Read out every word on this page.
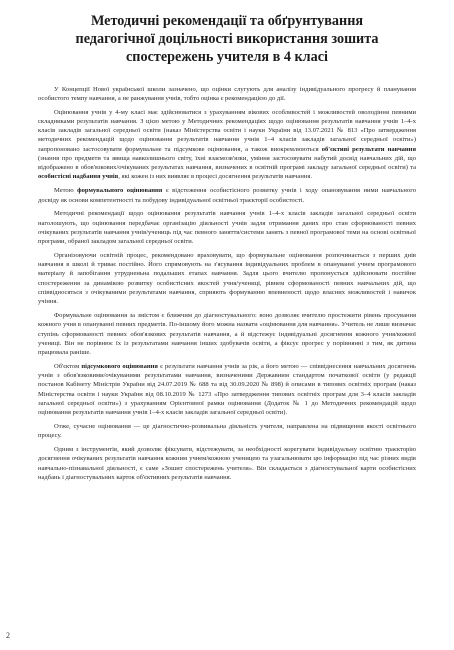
Методичні рекомендації та обґрунтування
педагогічної доцільності використання зошита
спостережень учителя в 4 класі

У Концепції Нової української школи зазначено, що оцінки слугують для аналізу індивідуального прогресу й планування особистого темпу навчання, а не ранжування учнів, тобто оцінка є рекомендацією до дії.

Оцінювання учнів у 4-му класі має здійснюватися з урахуванням вікових особливостей і можливостей оволодіння певними складниками результатів навчання. З цією метою у Методичних рекомендаціях щодо оцінювання результатів навчання учнів 1–4-х класів закладів загальної середньої освіти (наказ Міністерства освіти і науки України від 13.07.2021 № 813 «Про затвердження методичних рекомендацій щодо оцінювання результатів навчання учнів 1–4 класів закладів загальної середньої освіти») запропоновано застосовувати формувальне та підсумкове оцінювання, а також виокремлюються об'єктиві результати навчання (знання про предмети та явища навколишнього світу, їхні взаємозв'язки, уміння застосовувати набутий досвід навчальних дій, що відображено в обов'язкових/очікуваних результатах навчання, визначених в освітній програмі закладу загальної середньої освіти) та особистісні надбання учнів, які кожен із них виявляє в процесі досягнення результатів навчання.

Метою формувального оцінювання є відстеження особистісного розвитку учнів і ходу опановування ними навчального досвіду як основи компетентності та побудову індивідуальної освітньої траєкторії особистості.

Методичні рекомендації щодо оцінювання результатів навчання учнів 1–4-х класів закладів загальної середньої освіти наголошують, що оцінювання передбачає організацію діяльності учнів задля отримання даних про стан сформованості певних очікуваних результатів навчання учнів/учениць під час певного заняття/системи занять з певної програмової теми на основі освітньої програми, обраної закладом загальної середньої освіти.

Організовуючи освітній процес, рекомендовано враховувати, що формувальне оцінювання розпочинається з перших днів навчання в школі й триває постійно. Його спрямовують на з'ясування індивідуальних проблем в опануванні учнем програмового матеріалу й запобігання утрудненьна подальших етапах навчання. Задля цього вчителю пропонується здійснювати постійне спостереження за динамікою розвитку особистісних якостей учня/учениці, рівнем сформованості певних навчальних дій, що співвідносяться з очікуваними результатами навчання, сприяють формуванню впевненості щодо власних можливостей і навичок учіння.

Формувальне оцінювання за змістом є ближчим до діагностувального: воно дозволяє вчителю простежити рівень просування кожного учня в опануванні певних предметів. По-іншому його можна назвати «оцінювання для навчання». Учитель не лише визначає ступінь сформованості певних обов'язкових результатів навчання, а й відстежує індивідуальні досягнення кожного учня/кожної учениці. Він не порівнює їх із результатами навчання інших здобувачів освіти, а фіксує прогрес у порівнянні з тим, як дитина працювала раніше.

Об'єктом підсумкового оцінювання є результати навчання учнів за рік, а його метою — співвіднесення навчальних досягнень учнів з обов'язковими/очікуваними результатами навчання, визначеними Державним стандартом початкової освіти (у редакції постанов Кабінету Міністрів України від 24.07.2019 № 688 та від 30.09.2020 № 898) й описами в типових освітніх програм (наказ Міністерства освіти і науки України від 08.10.2019 № 1273 «Про затвердження типових освітніх програм для 3–4 класів закладів загальної середньої освіти») з урахуванням Орієнтовної рамки оцінювання (Додаток № 1 до Методичних рекомендацій щодо оцінювання результатів навчання учнів 1–4-х класів закладів загальної середньої освіти).

Отже, сучасне оцінювання — це діагностично-розвивальна діяльність учителя, направлена на підвищення якості освітнього процесу.

Одним з інструментів, який дозволяє фіксувати, відстежувати, за необхідності корегувати індивідуальну освітню траєкторію досягнення очікуваних результатів навчання кожним учнем/кожною ученицею та узагальнювати цю інформацію під час різних видів навчально-пізнавальної діяльності, є саме «Зошит спостережень учителя». Він складається з діагностувальної карти особистісних надбань і діагностувальних карток об'єктивних результатів навчання.

2
